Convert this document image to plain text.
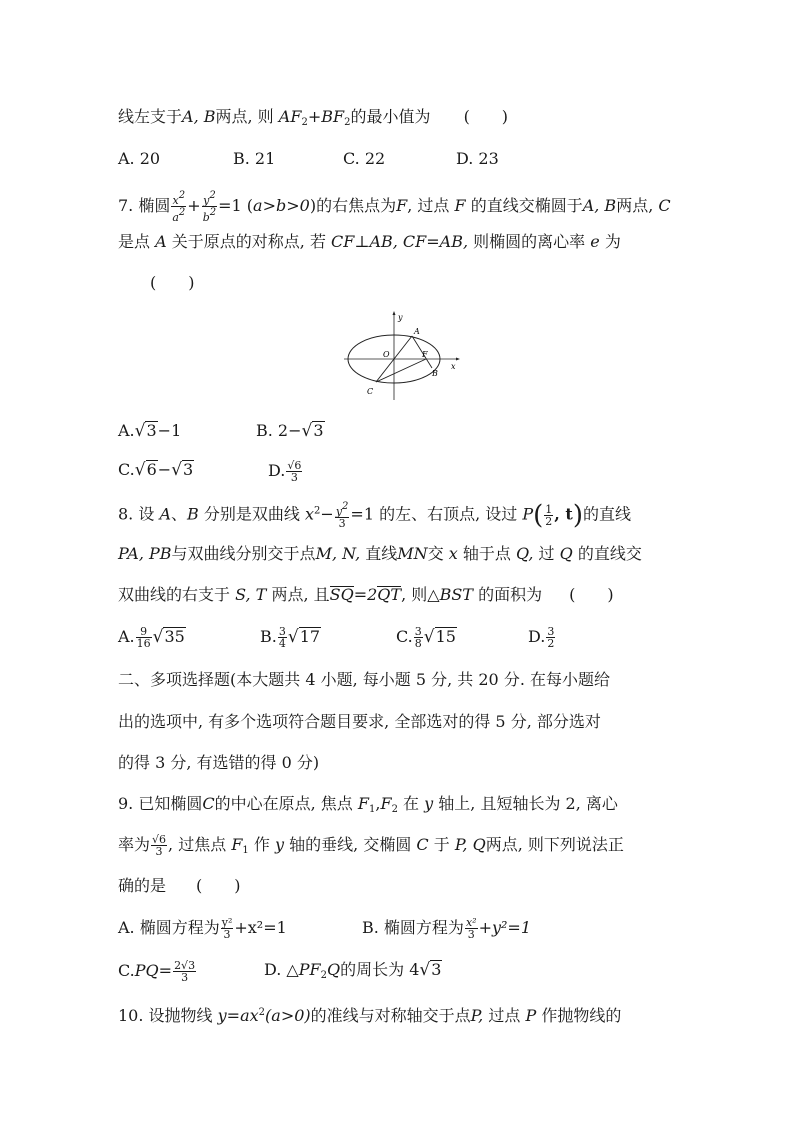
线左支于A, B两点, 则 $AF_2+BF_2$的最小值为 (　　)
A. 20	B. 21	C. 22	D. 23
7. 椭圆 $\frac{x2}{a2} + \frac{y2}{b2} =1$ (a>b>0)的右焦点为F, 过点 F 的直线交椭圆于A, B两点, C
是点 A 关于原点的对称点, 若 CF⊥AB, CF=AB, 则椭圆的离心率 e 为
(　　)
y
x
O
A
F
B
C
A.√3−1	B. 2−√3
C.√6−√3	D. $\frac{√6}{3}$
8. 设 A、B 分别是双曲线 $x^2- \frac{y2}{3} =1$ 的左、右顶点, 设过 $P( \frac{1}{2}$ , t)的直线
PA, PB与双曲线分别交于点M, N, 直线MN交 x 轴于点 Q, 过 Q 的直线交
双曲线的右支于 S, T 两点, 且SQ=2QT, 则△BST 的面积为 (　　)
A. $\frac{9}{16} √35$	B. $\frac{3}{4} √17$	C. $\frac{3}{8} √15$	D. $\frac{3}{2}$
二、多项选择题(本大题共 4 小题, 每小题 5 分, 共 20 分. 在每小题给
出的选项中, 有多个选项符合题目要求, 全部选对的得 5 分, 部分选对
的得 3 分, 有选错的得 0 分)
9. 已知椭圆C的中心在原点, 焦点 $F_1,F_2$ 在 y 轴上, 且短轴长为 2, 离心
率为 $\frac{√6}{3}$ , 过焦点 $F_1$ 作 y 轴的垂线, 交椭圆 C 于 P, Q两点, 则下列说法正
确的是 (　　)
A. 椭圆方程为 $\frac{\text{y²}}{3} +x^2=1$	B. 椭圆方程为 $\frac{\text{x²}}{3} +y^2=1$
$C.PQ= \frac{2√3}{3}$	D. $\triangle PF_2Q$的周长为 4√3
10. 设抛物线 $y=ax^2(a>0)$的准线与对称轴交于点P, 过点 P 作抛物线的
